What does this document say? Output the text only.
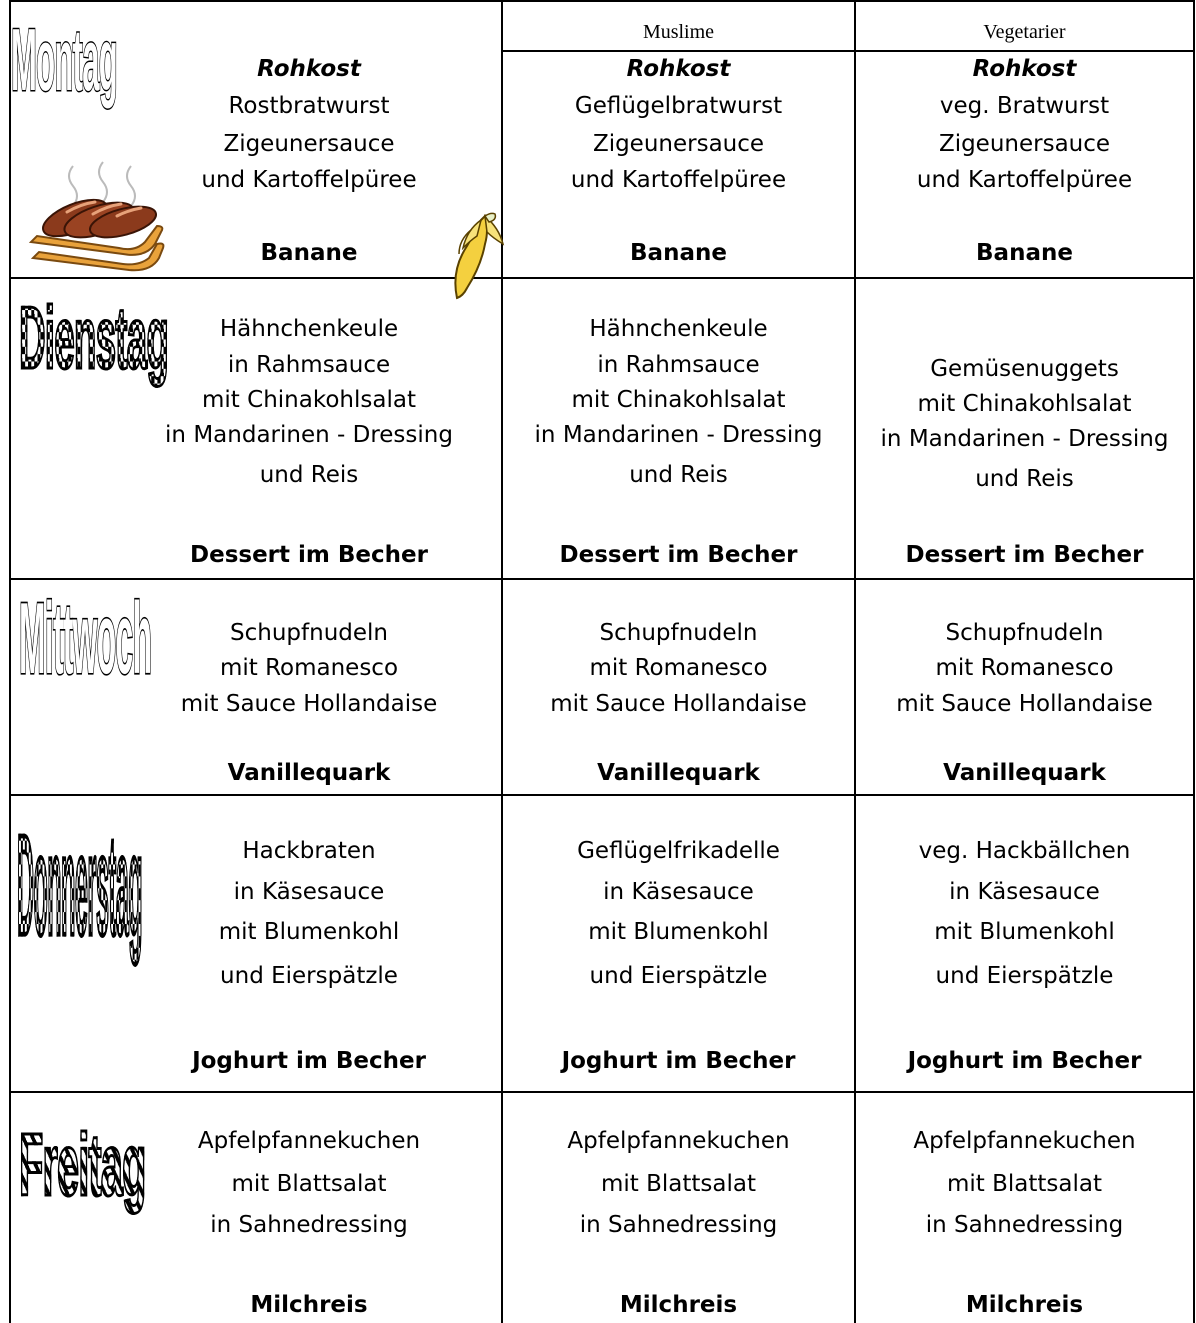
Muslime	Vegetarier
Montag
Dienstag
Mittwoch
Donnerstag
Freitag
Rohkost
Rostbratwurst
Zigeunersauce
und Kartoffelpüree
Banane
Rohkost
Geflügelbratwurst
Zigeunersauce
und Kartoffelpüree
Banane
Rohkost
veg. Bratwurst
Zigeunersauce
und Kartoffelpüree
Banane
Hähnchenkeule
in Rahmsauce
mit Chinakohlsalat
in Mandarinen - Dressing
und Reis
Dessert im Becher
Hähnchenkeule
in Rahmsauce
mit Chinakohlsalat
in Mandarinen - Dressing
und Reis
Dessert im Becher
Gemüsenuggets
mit Chinakohlsalat
in Mandarinen - Dressing
und Reis
Dessert im Becher
Schupfnudeln
mit Romanesco
mit Sauce Hollandaise
Vanillequark
Schupfnudeln
mit Romanesco
mit Sauce Hollandaise
Vanillequark
Schupfnudeln
mit Romanesco
mit Sauce Hollandaise
Vanillequark
Hackbraten
in Käsesauce
mit Blumenkohl
und Eierspätzle
Joghurt im Becher
Geflügelfrikadelle
in Käsesauce
mit Blumenkohl
und Eierspätzle
Joghurt im Becher
veg. Hackbällchen
in Käsesauce
mit Blumenkohl
und Eierspätzle
Joghurt im Becher
Apfelpfannekuchen
mit Blattsalat
in Sahnedressing
Milchreis
Apfelpfannekuchen
mit Blattsalat
in Sahnedressing
Milchreis
Apfelpfannekuchen
mit Blattsalat
in Sahnedressing
Milchreis
